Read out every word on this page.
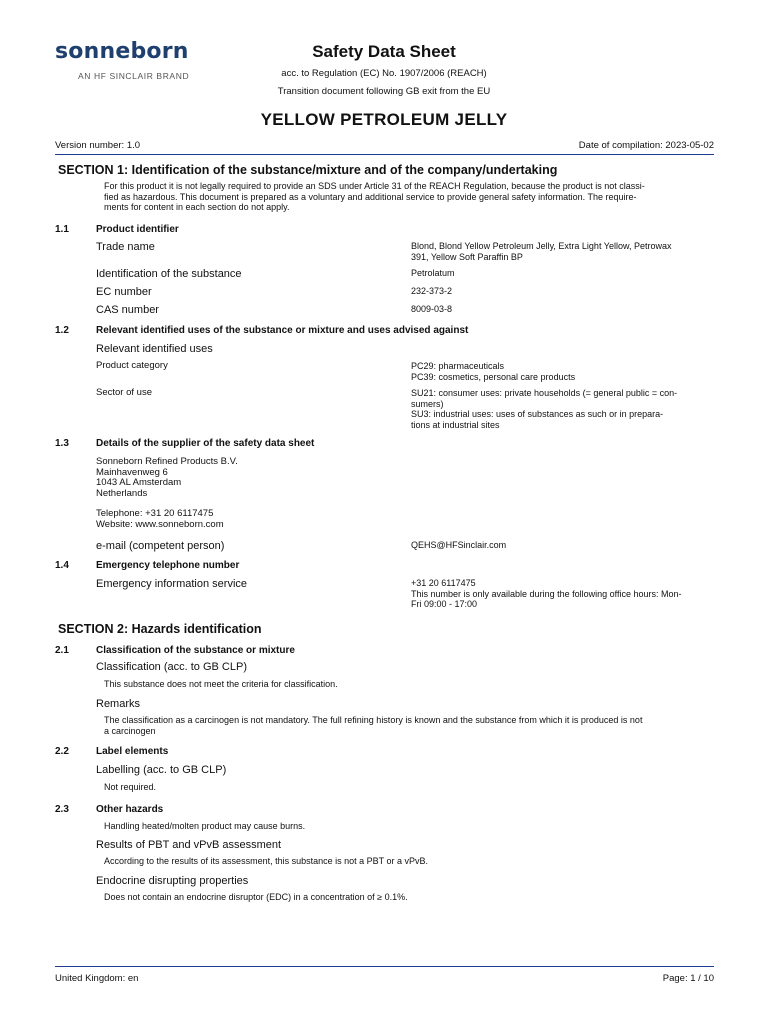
sonneborn
AN HF SINCLAIR BRAND
Safety Data Sheet
acc. to Regulation (EC) No. 1907/2006 (REACH)
Transition document following GB exit from the EU
YELLOW PETROLEUM JELLY
Version number: 1.0	Date of compilation: 2023-05-02
SECTION 1: Identification of the substance/mixture and of the company/undertaking
For this product it is not legally required to provide an SDS under Article 31 of the REACH Regulation, because the product is not classi-
fied as hazardous. This document is prepared as a voluntary and additional service to provide general safety information. The require-
ments for content in each section do not apply.
1.1	Product identifier
Trade name	Blond, Blond Yellow Petroleum Jelly, Extra Light Yellow, Petrowax
391, Yellow Soft Paraffin BP
Identification of the substance	Petrolatum
EC number	232-373-2
CAS number	8009-03-8
1.2	Relevant identified uses of the substance or mixture and uses advised against
Relevant identified uses
Product category	PC29: pharmaceuticals
PC39: cosmetics, personal care products
Sector of use	SU21: consumer uses: private households (= general public = con-
sumers)
SU3: industrial uses: uses of substances as such or in prepara-
tions at industrial sites
1.3	Details of the supplier of the safety data sheet
Sonneborn Refined Products B.V.
Mainhavenweg 6
1043 AL Amsterdam
Netherlands
Telephone: +31 20 6117475
Website: www.sonneborn.com
e-mail (competent person)	QEHS@HFSinclair.com
1.4	Emergency telephone number
Emergency information service	+31 20 6117475
This number is only available during the following office hours: Mon-
Fri 09:00 - 17:00
SECTION 2: Hazards identification
2.1	Classification of the substance or mixture
Classification (acc. to GB CLP)
This substance does not meet the criteria for classification.
Remarks
The classification as a carcinogen is not mandatory. The full refining history is known and the substance from which it is produced is not
a carcinogen
2.2	Label elements
Labelling (acc. to GB CLP)
Not required.
2.3	Other hazards
Handling heated/molten product may cause burns.
Results of PBT and vPvB assessment
According to the results of its assessment, this substance is not a PBT or a vPvB.
Endocrine disrupting properties
Does not contain an endocrine disruptor (EDC) in a concentration of ≥ 0.1%.
United Kingdom: en	Page: 1 / 10
